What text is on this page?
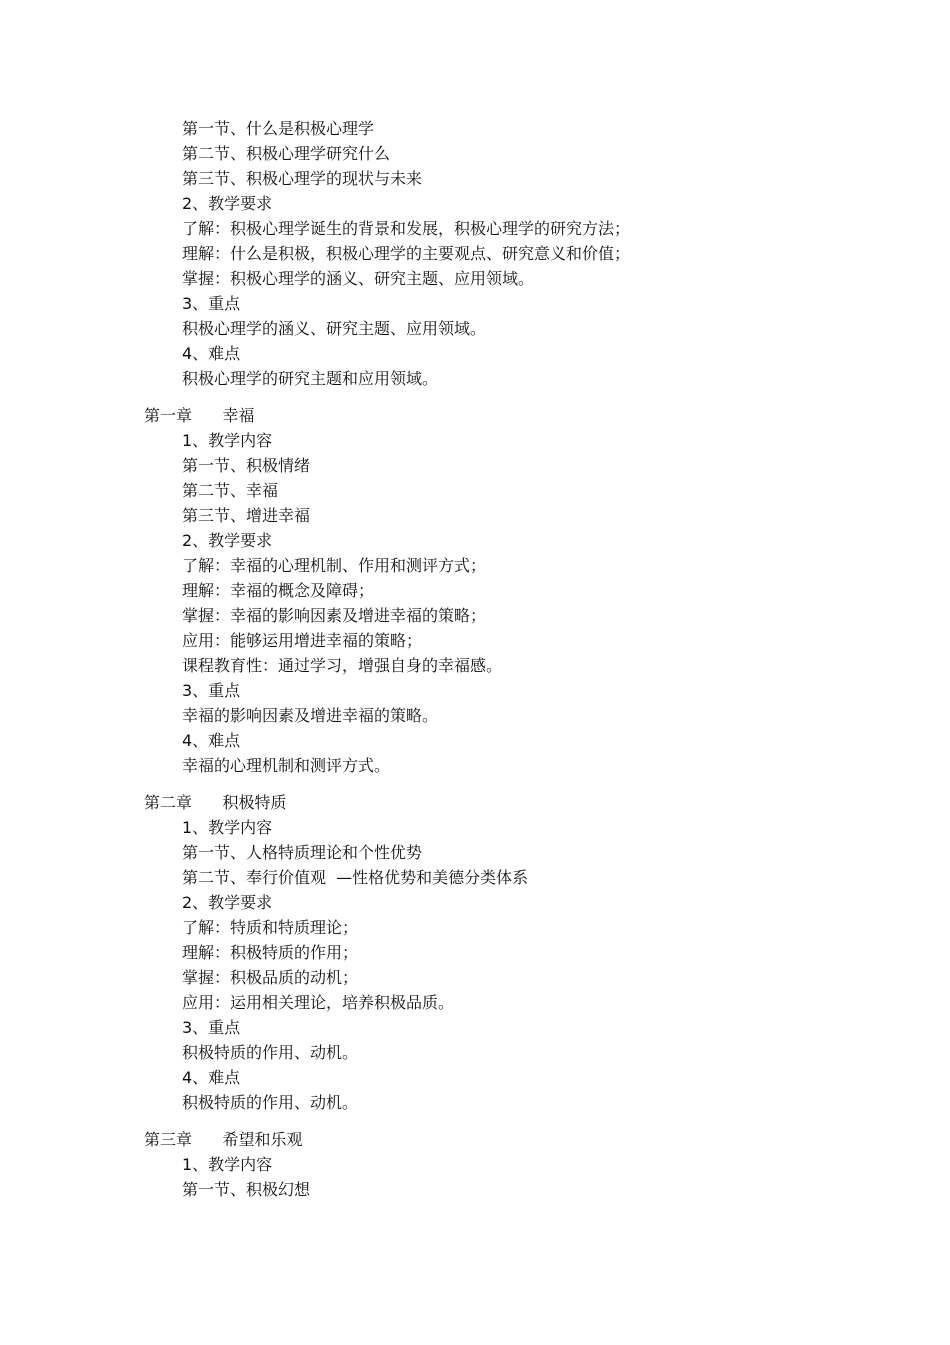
第一节、什么是积极心理学
第二节、积极心理学研究什么
第三节、积极心理学的现状与未来
2、教学要求
了解：积极心理学诞生的背景和发展，积极心理学的研究方法；
理解：什么是积极，积极心理学的主要观点、研究意义和价值；
掌握：积极心理学的涵义、研究主题、应用领域。
3、重点
积极心理学的涵义、研究主题、应用领域。
4、难点
积极心理学的研究主题和应用领域。
第一章      幸福
1、教学内容
第一节、积极情绪
第二节、幸福
第三节、增进幸福
2、教学要求
了解：幸福的心理机制、作用和测评方式；
理解：幸福的概念及障碍；
掌握：幸福的影响因素及增进幸福的策略；
应用：能够运用增进幸福的策略；
课程教育性：通过学习，增强自身的幸福感。
3、重点
幸福的影响因素及增进幸福的策略。
4、难点
幸福的心理机制和测评方式。
第二章      积极特质
1、教学内容
第一节、人格特质理论和个性优势
第二节、奉行价值观  —性格优势和美德分类体系
2、教学要求
了解：特质和特质理论；
理解：积极特质的作用；
掌握：积极品质的动机；
应用：运用相关理论，培养积极品质。
3、重点
积极特质的作用、动机。
4、难点
积极特质的作用、动机。
第三章      希望和乐观
1、教学内容
第一节、积极幻想
